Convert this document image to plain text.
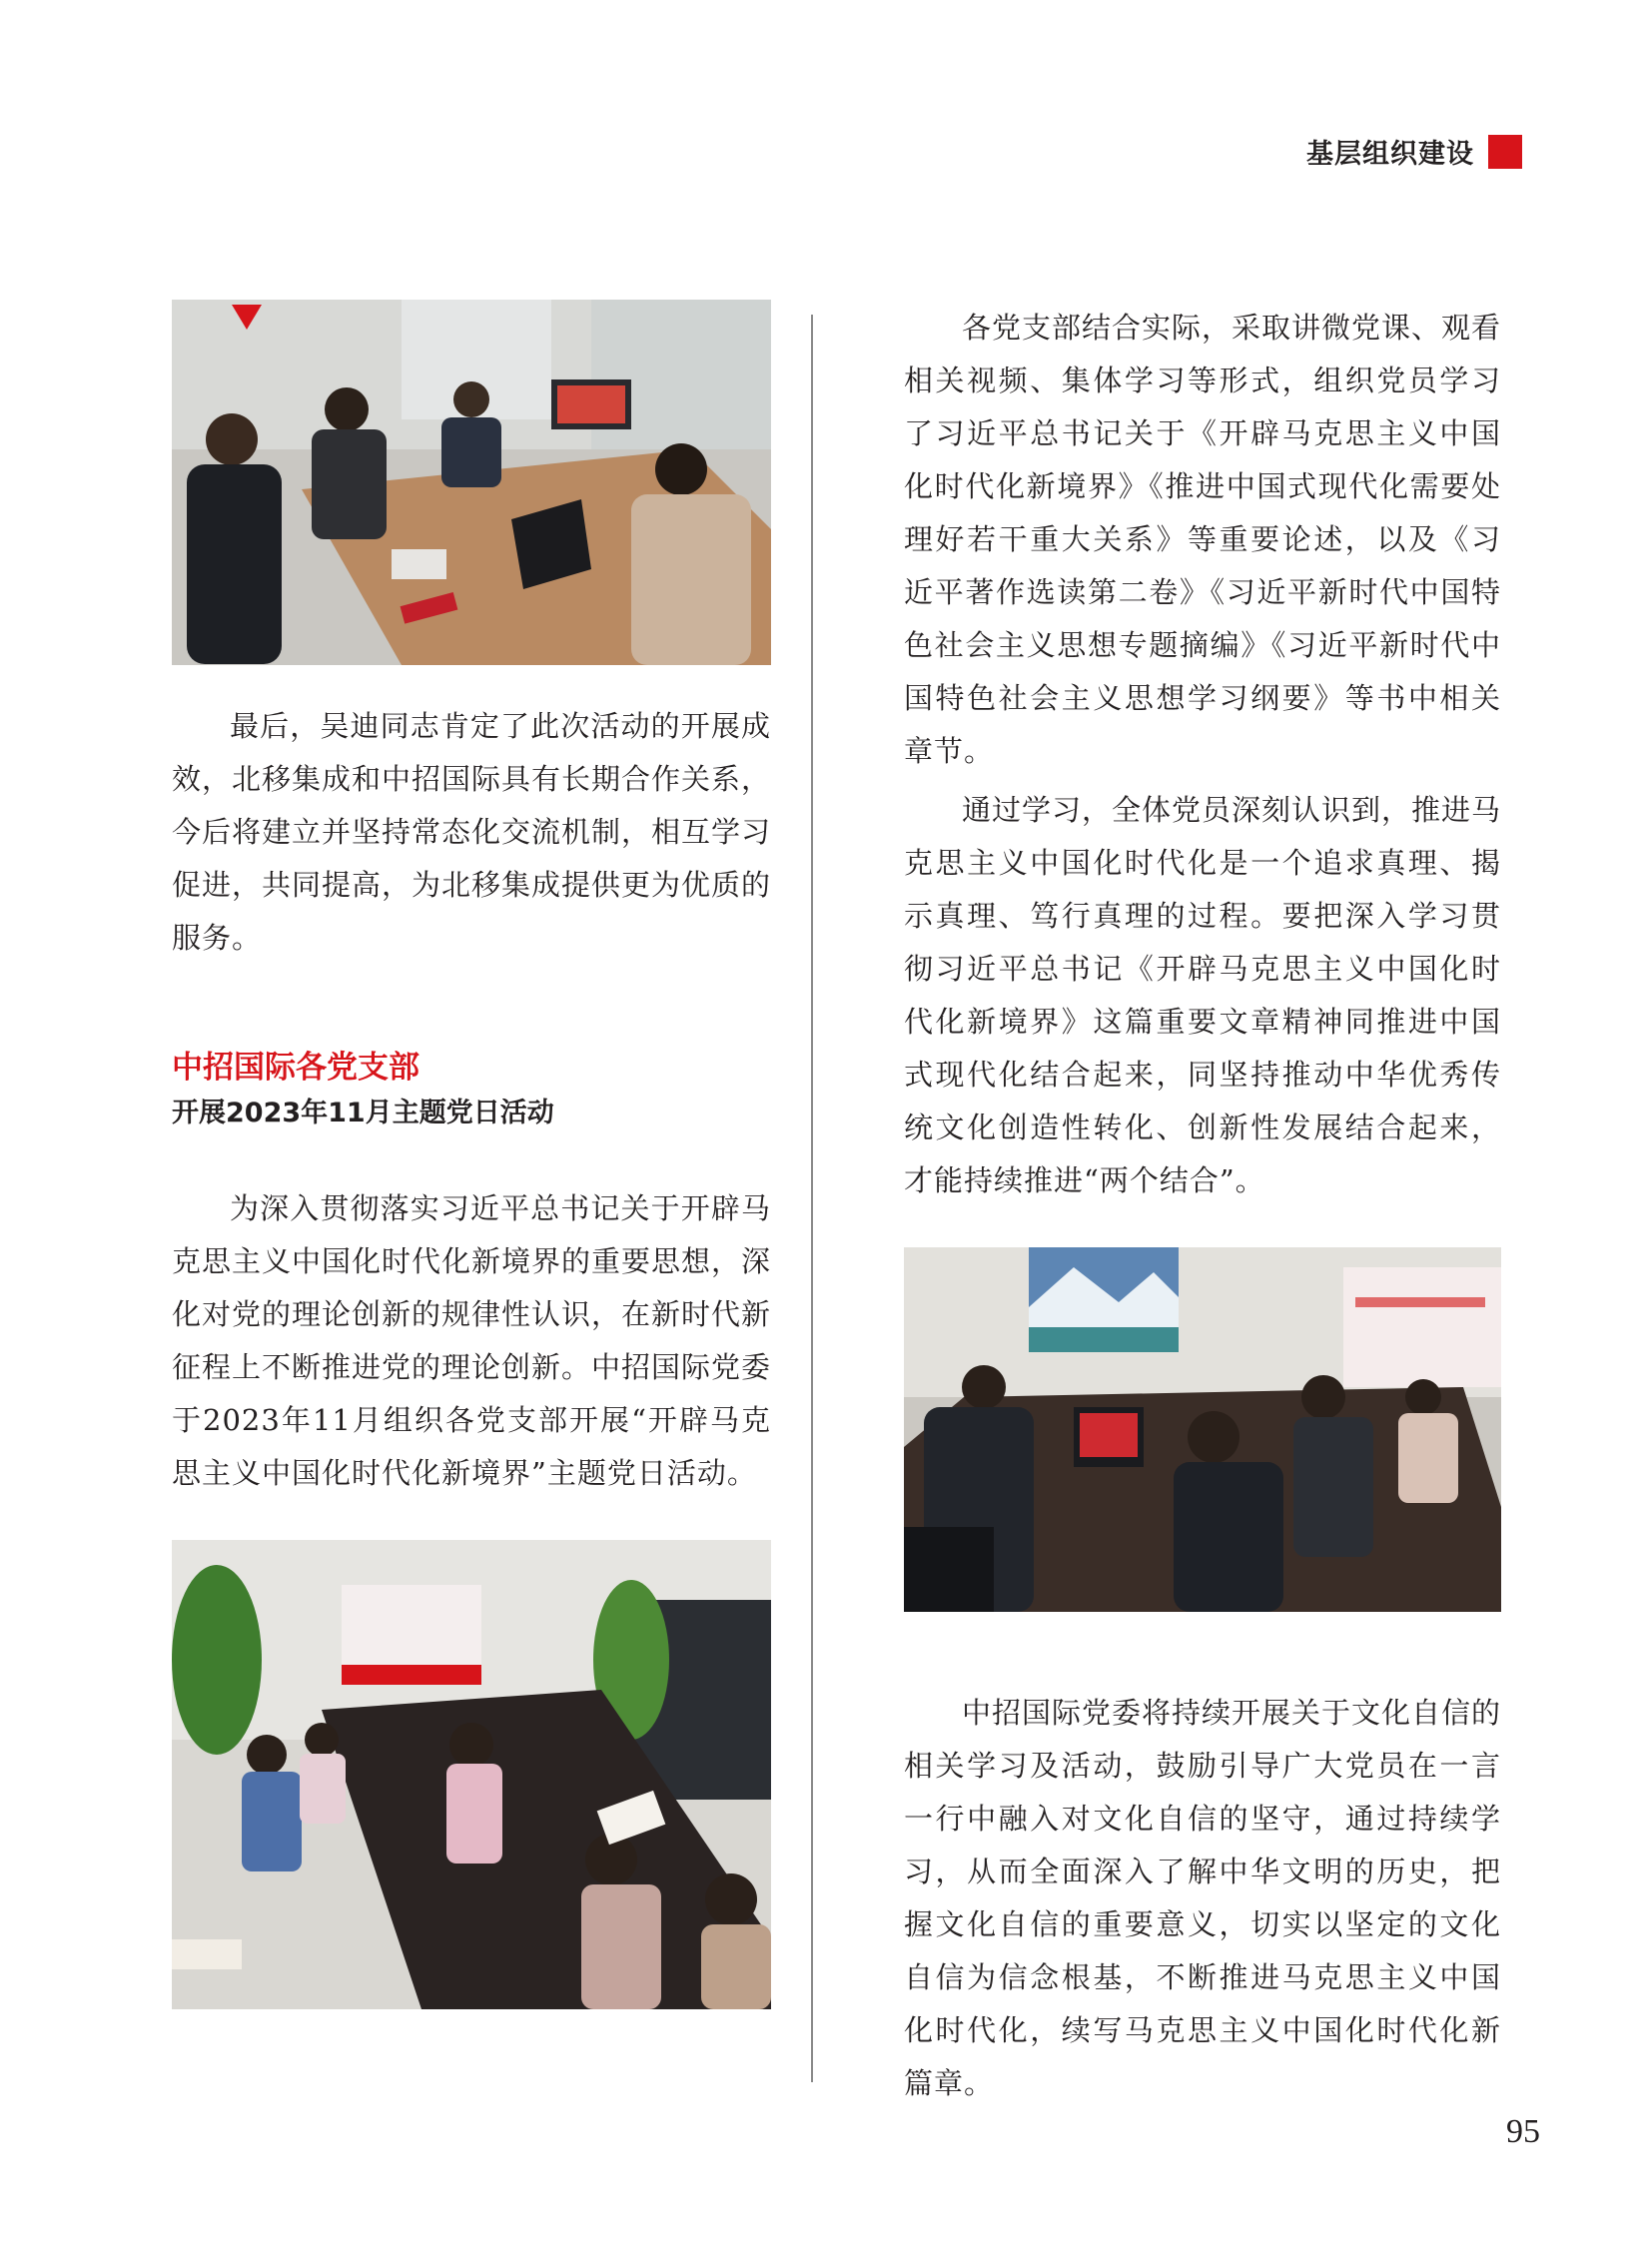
基层组织建设

最后，吴迪同志肯定了此次活动的开展成效，北移集成和中招国际具有长期合作关系，今后将建立并坚持常态化交流机制，相互学习促进，共同提高，为北移集成提供更为优质的服务。

中招国际各党支部
开展2023年11月主题党日活动

为深入贯彻落实习近平总书记关于开辟马克思主义中国化时代化新境界的重要思想，深化对党的理论创新的规律性认识，在新时代新征程上不断推进党的理论创新。中招国际党委于2023年11月组织各党支部开展“开辟马克思主义中国化时代化新境界”主题党日活动。

各党支部结合实际，采取讲微党课、观看相关视频、集体学习等形式，组织党员学习了习近平总书记关于《开辟马克思主义中国化时代化新境界》《推进中国式现代化需要处理好若干重大关系》等重要论述，以及《习近平著作选读第二卷》《习近平新时代中国特色社会主义思想专题摘编》《习近平新时代中国特色社会主义思想学习纲要》等书中相关章节。

通过学习，全体党员深刻认识到，推进马克思主义中国化时代化是一个追求真理、揭示真理、笃行真理的过程。要把深入学习贯彻习近平总书记《开辟马克思主义中国化时代化新境界》这篇重要文章精神同推进中国式现代化结合起来，同坚持推动中华优秀传统文化创造性转化、创新性发展结合起来，才能持续推进“两个结合”。

中招国际党委将持续开展关于文化自信的相关学习及活动，鼓励引导广大党员在一言一行中融入对文化自信的坚守，通过持续学习，从而全面深入了解中华文明的历史，把握文化自信的重要意义，切实以坚定的文化自信为信念根基，不断推进马克思主义中国化时代化，续写马克思主义中国化时代化新篇章。

95
